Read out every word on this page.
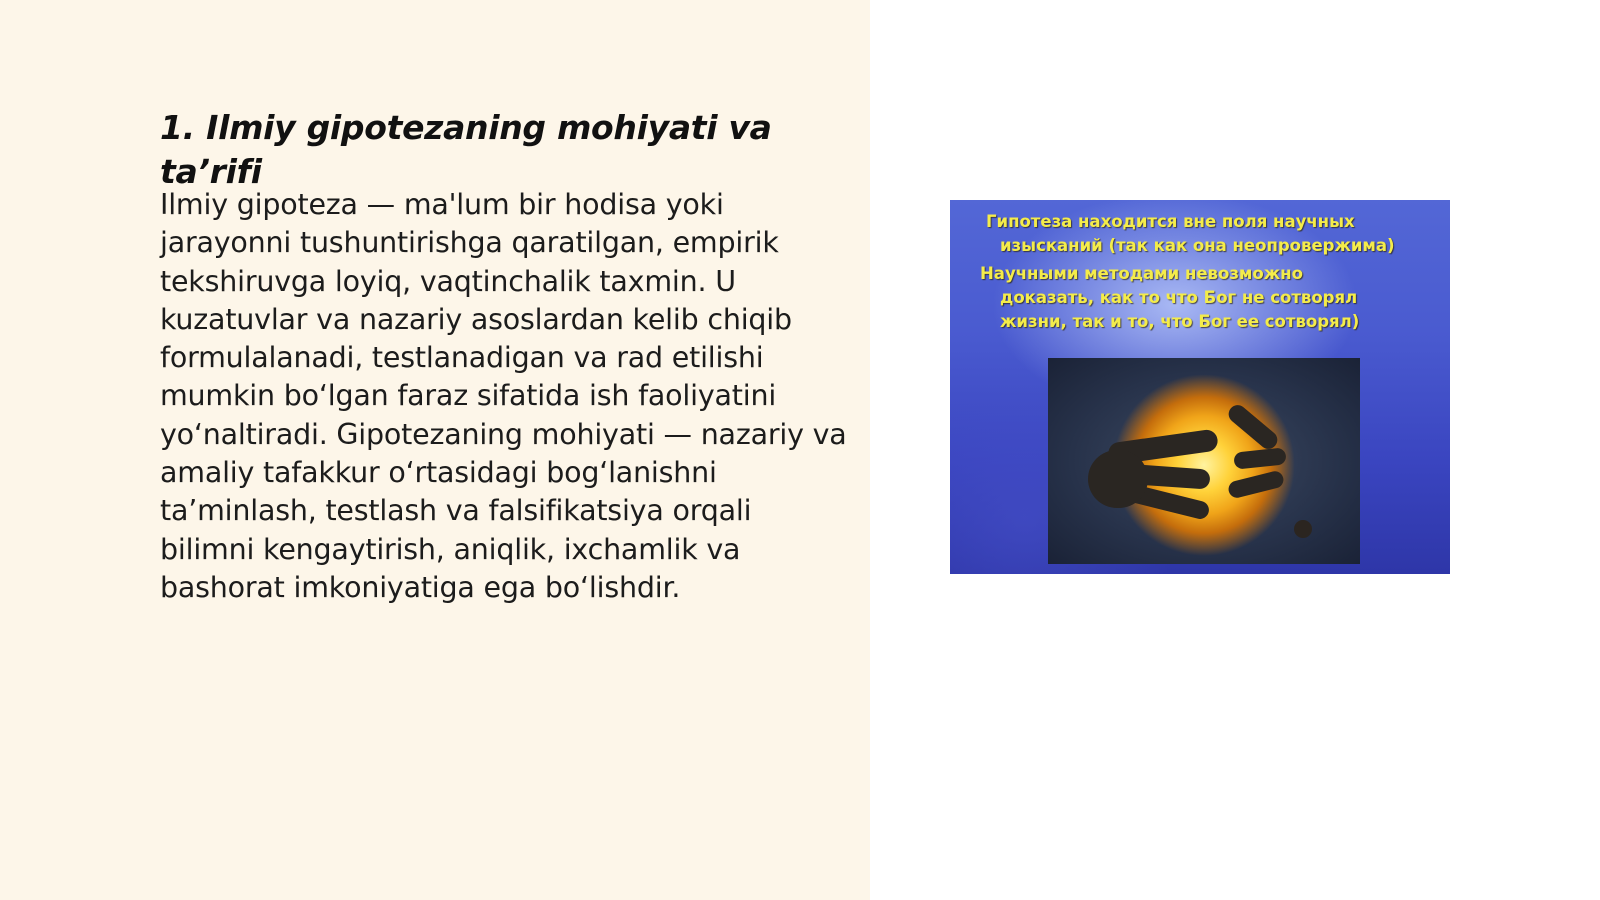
1. Ilmiy gipotezaning mohiyati va ta’rifi

Ilmiy gipoteza — ma'lum bir hodisa yoki jarayonni tushuntirishga qaratilgan, empirik tekshiruvga loyiq, vaqtinchalik taxmin. U kuzatuvlar va nazariy asoslardan kelib chiqib formulalanadi, testlanadigan va rad etilishi mumkin bo‘lgan faraz sifatida ish faoliyatini yo‘naltiradi. Gipotezaning mohiyati — nazariy va amaliy tafakkur o‘rtasidagi bog‘lanishni ta’minlash, testlash va falsifikatsiya orqali bilimni kengaytirish, aniqlik, ixchamlik va bashorat imkoniyatiga ega bo‘lishdir.

Гипотеза находится вне поля научных

изысканий (так как она неопровержима)

Научными методами невозможно

доказать, как то что Бог не сотворял

жизни, так и то, что Бог ее сотворял)
